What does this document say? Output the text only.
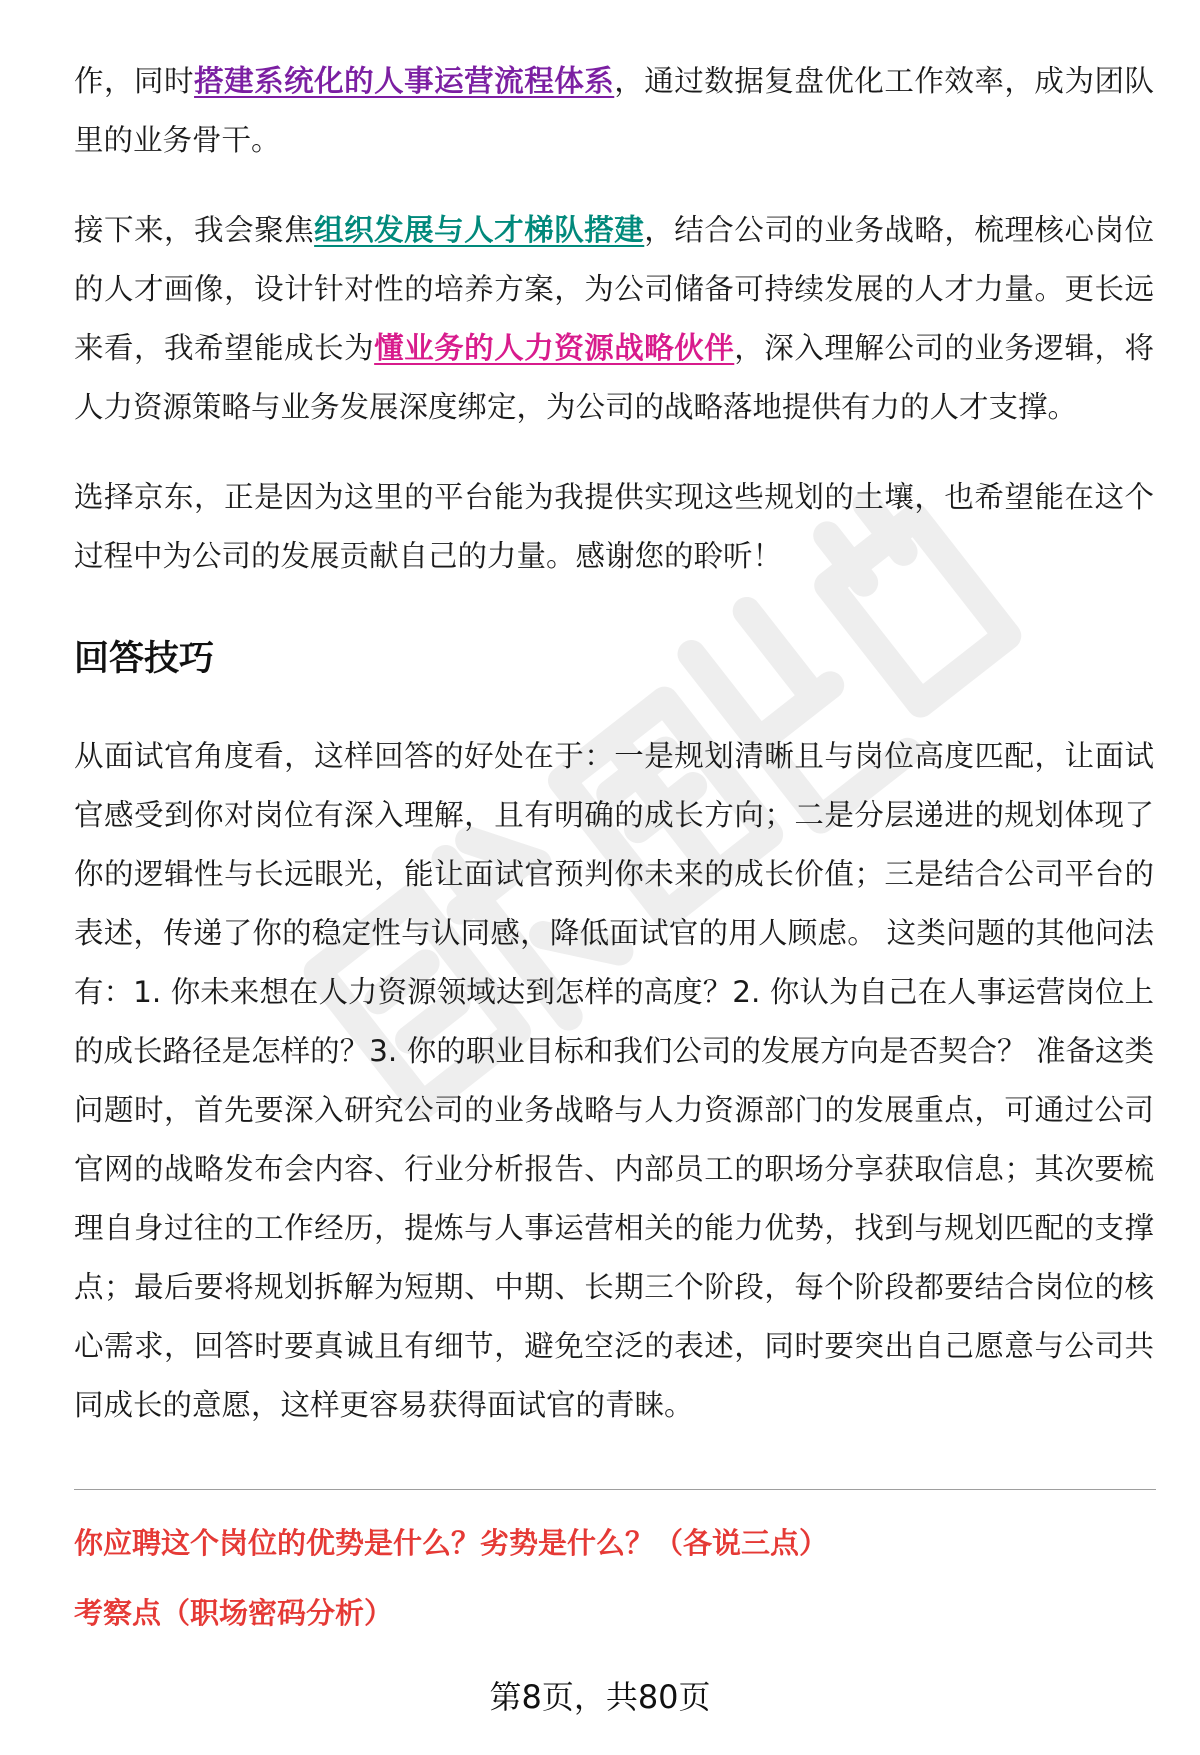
作，同时搭建系统化的人事运营流程体系，通过数据复盘优化工作效率，成为团队里的业务骨干。

接下来，我会聚焦组织发展与人才梯队搭建，结合公司的业务战略，梳理核心岗位的人才画像，设计针对性的培养方案，为公司储备可持续发展的人才力量。更长远来看，我希望能成长为懂业务的人力资源战略伙伴，深入理解公司的业务逻辑，将人力资源策略与业务发展深度绑定，为公司的战略落地提供有力的人才支撑。

选择京东，正是因为这里的平台能为我提供实现这些规划的土壤，也希望能在这个过程中为公司的发展贡献自己的力量。感谢您的聆听！

回答技巧

从面试官角度看，这样回答的好处在于：一是规划清晰且与岗位高度匹配，让面试官感受到你对岗位有深入理解，且有明确的成长方向；二是分层递进的规划体现了你的逻辑性与长远眼光，能让面试官预判你未来的成长价值；三是结合公司平台的表述，传递了你的稳定性与认同感，降低面试官的用人顾虑。 这类问题的其他问法有：1. 你未来想在人力资源领域达到怎样的高度？2. 你认为自己在人事运营岗位上的成长路径是怎样的？3. 你的职业目标和我们公司的发展方向是否契合？ 准备这类问题时，首先要深入研究公司的业务战略与人力资源部门的发展重点，可通过公司官网的战略发布会内容、行业分析报告、内部员工的职场分享获取信息；其次要梳理自身过往的工作经历，提炼与人事运营相关的能力优势，找到与规划匹配的支撑点；最后要将规划拆解为短期、中期、长期三个阶段，每个阶段都要结合岗位的核心需求，回答时要真诚且有细节，避免空泛的表述，同时要突出自己愿意与公司共同成长的意愿，这样更容易获得面试官的青睐。

你应聘这个岗位的优势是什么？劣势是什么？（各说三点）
考察点（职场密码分析）
第8页，共80页
